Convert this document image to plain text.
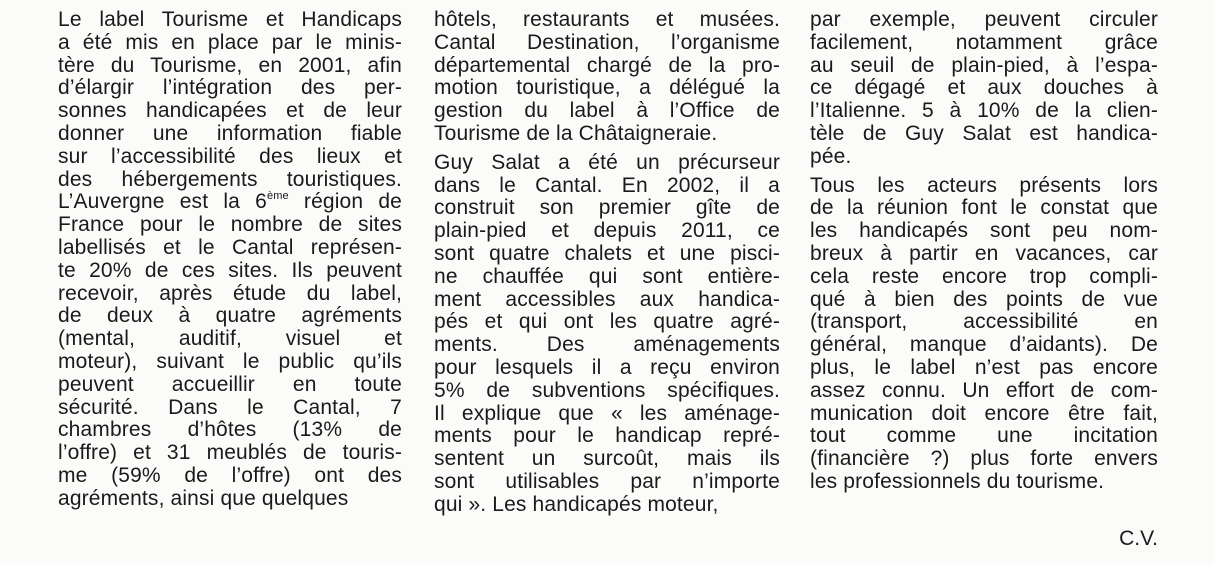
Le label Tourisme et Handicaps
a été mis en place par le minis-
tère du Tourisme, en 2001, afin
d’élargir l’intégration des per-
sonnes handicapées et de leur
donner une information fiable
sur l’accessibilité des lieux et
des hébergements touristiques.
L’Auvergne est la 6ème région de
France pour le nombre de sites
labellisés et le Cantal représen-
te 20% de ces sites. Ils peuvent
recevoir, après étude du label,
de deux à quatre agréments
(mental, auditif, visuel et
moteur), suivant le public qu’ils
peuvent accueillir en toute
sécurité. Dans le Cantal, 7
chambres d’hôtes (13% de
l’offre) et 31 meublés de touris-
me (59% de l’offre) ont des
agréments, ainsi que quelques
hôtels, restaurants et musées.
Cantal Destination, l’organisme
départemental chargé de la pro-
motion touristique, a délégué la
gestion du label à l’Office de
Tourisme de la Châtaigneraie.
Guy Salat a été un précurseur
dans le Cantal. En 2002, il a
construit son premier gîte de
plain-pied et depuis 2011, ce
sont quatre chalets et une pisci-
ne chauffée qui sont entière-
ment accessibles aux handica-
pés et qui ont les quatre agré-
ments. Des aménagements
pour lesquels il a reçu environ
5% de subventions spécifiques.
Il explique que « les aménage-
ments pour le handicap repré-
sentent un surcoût, mais ils
sont utilisables par n’importe
qui ». Les handicapés moteur,
par exemple, peuvent circuler
facilement, notamment grâce
au seuil de plain-pied, à l’espa-
ce dégagé et aux douches à
l’Italienne. 5 à 10% de la clien-
tèle de Guy Salat est handica-
pée.
Tous les acteurs présents lors
de la réunion font le constat que
les handicapés sont peu nom-
breux à partir en vacances, car
cela reste encore trop compli-
qué à bien des points de vue
(transport, accessibilité en
général, manque d’aidants). De
plus, le label n’est pas encore
assez connu. Un effort de com-
munication doit encore être fait,
tout comme une incitation
(financière ?) plus forte envers
les professionnels du tourisme.
C.V.
